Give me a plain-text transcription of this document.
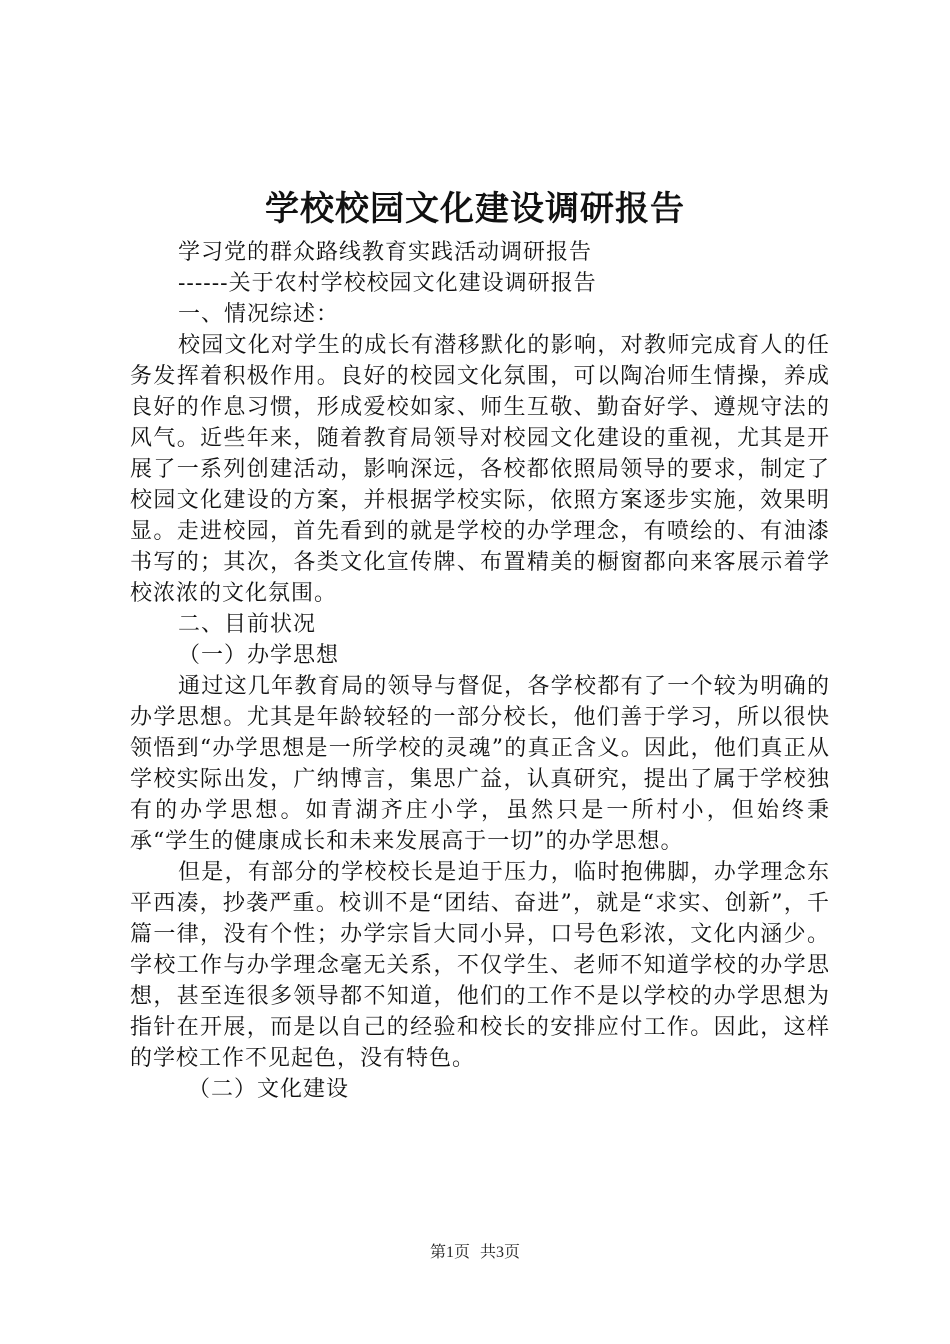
学校校园文化建设调研报告

学习党的群众路线教育实践活动调研报告

------关于农村学校校园文化建设调研报告

一、情况综述：

校园文化对学生的成长有潜移默化的影响，对教师完成育人的任务发挥着积极作用。良好的校园文化氛围，可以陶冶师生情操，养成良好的作息习惯，形成爱校如家、师生互敬、勤奋好学、遵规守法的风气。近些年来，随着教育局领导对校园文化建设的重视，尤其是开展了一系列创建活动，影响深远，各校都依照局领导的要求，制定了校园文化建设的方案，并根据学校实际，依照方案逐步实施，效果明显。走进校园，首先看到的就是学校的办学理念，有喷绘的、有油漆书写的；其次，各类文化宣传牌、布置精美的橱窗都向来客展示着学校浓浓的文化氛围。

二、目前状况

（一）办学思想

通过这几年教育局的领导与督促，各学校都有了一个较为明确的办学思想。尤其是年龄较轻的一部分校长，他们善于学习，所以很快领悟到“办学思想是一所学校的灵魂”的真正含义。因此，他们真正从学校实际出发，广纳博言，集思广益，认真研究，提出了属于学校独有的办学思想。如青湖齐庄小学，虽然只是一所村小，但始终秉承“学生的健康成长和未来发展高于一切”的办学思想。

但是，有部分的学校校长是迫于压力，临时抱佛脚，办学理念东平西凑，抄袭严重。校训不是“团结、奋进”，就是“求实、创新”，千篇一律，没有个性；办学宗旨大同小异，口号色彩浓，文化内涵少。学校工作与办学理念毫无关系，不仅学生、老师不知道学校的办学思想，甚至连很多领导都不知道，他们的工作不是以学校的办学思想为指针在开展，而是以自己的经验和校长的安排应付工作。因此，这样的学校工作不见起色，没有特色。

（二）文化建设

第1页 共3页
